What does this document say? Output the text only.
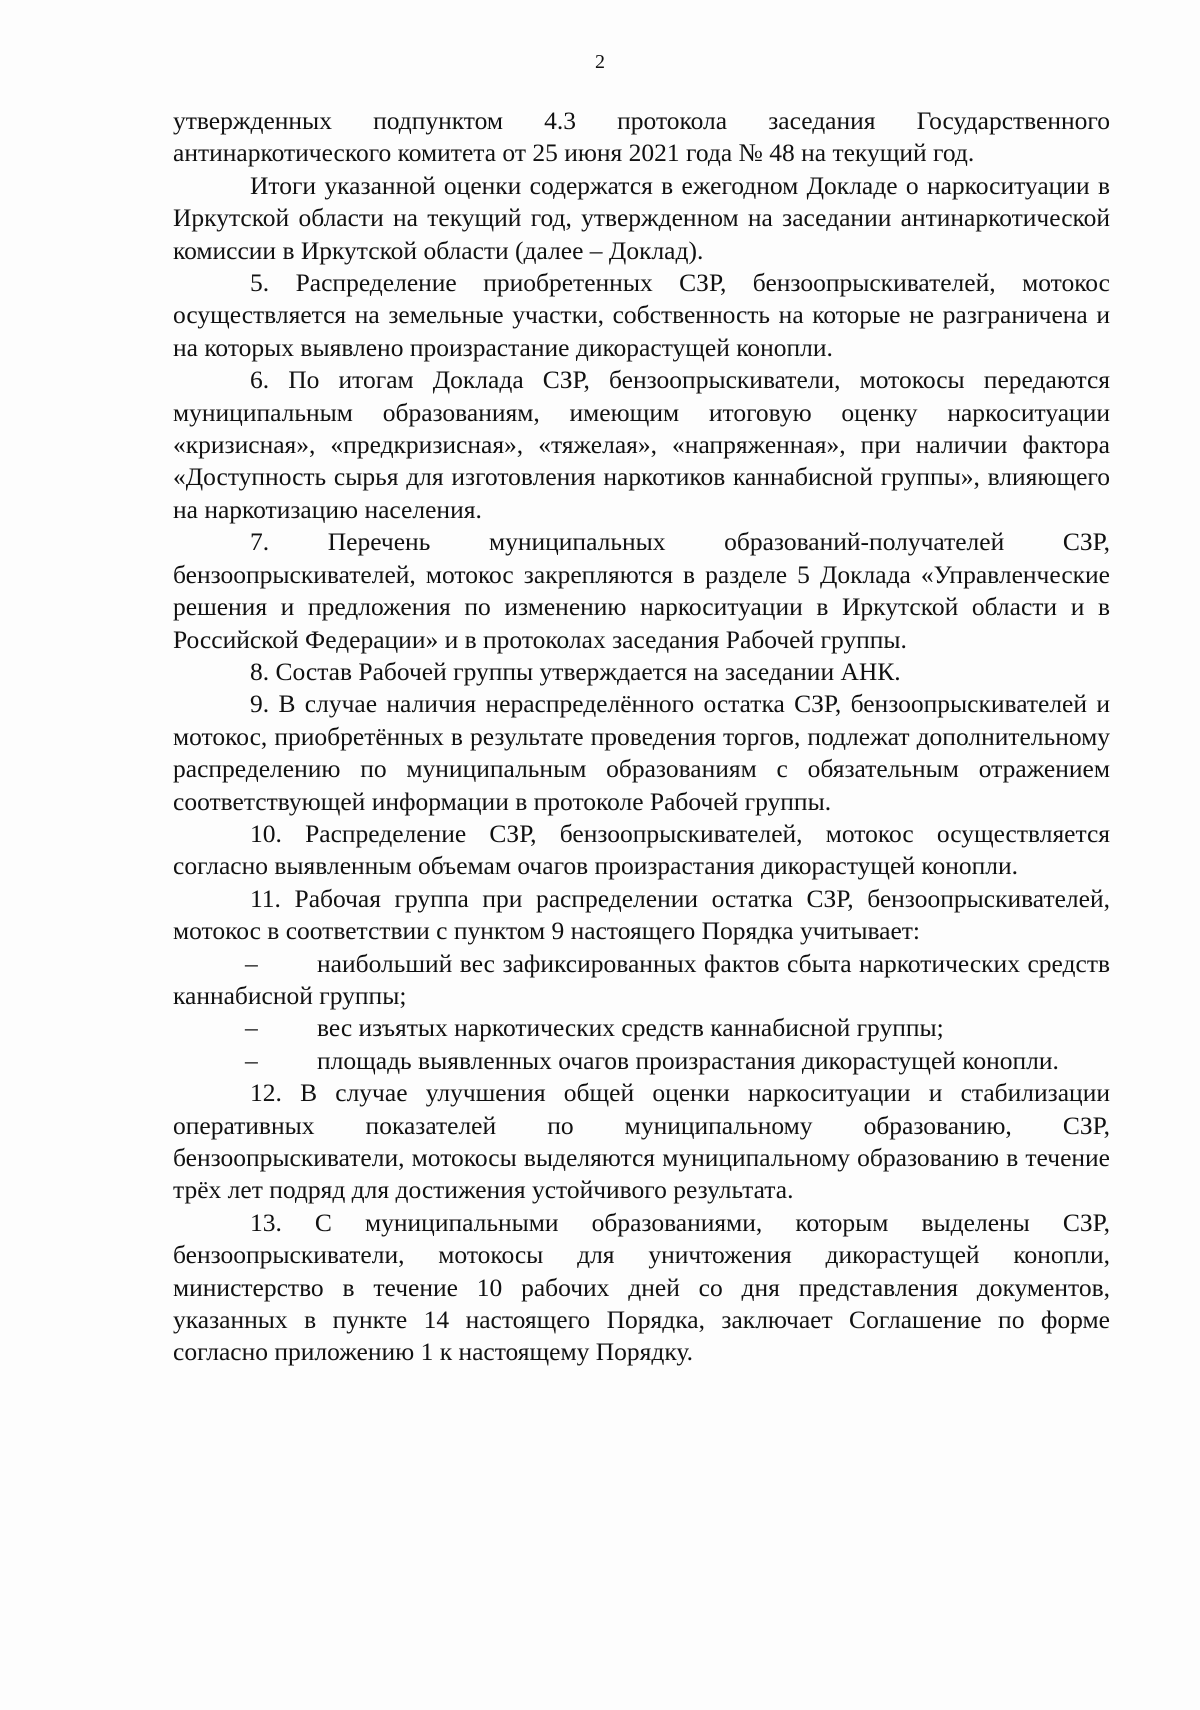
2

утвержденных подпунктом 4.3 протокола заседания Государственного антинаркотического комитета от 25 июня 2021 года № 48 на текущий год.

Итоги указанной оценки содержатся в ежегодном Докладе о наркоситуации в Иркутской области на текущий год, утвержденном на заседании антинаркотической комиссии в Иркутской области (далее – Доклад).

5. Распределение приобретенных СЗР, бензоопрыскивателей, мотокос осуществляется на земельные участки, собственность на которые не разграничена и на которых выявлено произрастание дикорастущей конопли.

6. По итогам Доклада СЗР, бензоопрыскиватели, мотокосы передаются муниципальным образованиям, имеющим итоговую оценку наркоситуации «кризисная», «предкризисная», «тяжелая», «напряженная», при наличии фактора «Доступность сырья для изготовления наркотиков каннабисной группы», влияющего на наркотизацию населения.

7. Перечень муниципальных образований-получателей СЗР, бензоопрыскивателей, мотокос закрепляются в разделе 5 Доклада «Управленческие решения и предложения по изменению наркоситуации в Иркутской области и в Российской Федерации» и в протоколах заседания Рабочей группы.

8. Состав Рабочей группы утверждается на заседании АНК.

9. В случае наличия нераспределённого остатка СЗР, бензоопрыскивателей и мотокос, приобретённых в результате проведения торгов, подлежат дополнительному распределению по муниципальным образованиям с обязательным отражением соответствующей информации в протоколе Рабочей группы.

10. Распределение СЗР, бензоопрыскивателей, мотокос осуществляется согласно выявленным объемам очагов произрастания дикорастущей конопли.

11. Рабочая группа при распределении остатка СЗР, бензоопрыскивателей, мотокос в соответствии с пунктом 9 настоящего Порядка учитывает:

– наибольший вес зафиксированных фактов сбыта наркотических средств каннабисной группы;

– вес изъятых наркотических средств каннабисной группы;

– площадь выявленных очагов произрастания дикорастущей конопли.

12. В случае улучшения общей оценки наркоситуации и стабилизации оперативных показателей по муниципальному образованию, СЗР, бензоопрыскиватели, мотокосы выделяются муниципальному образованию в течение трёх лет подряд для достижения устойчивого результата.

13. С муниципальными образованиями, которым выделены СЗР, бензоопрыскиватели, мотокосы для уничтожения дикорастущей конопли, министерство в течение 10 рабочих дней со дня представления документов, указанных в пункте 14 настоящего Порядка, заключает Соглашение по форме согласно приложению 1 к настоящему Порядку.
